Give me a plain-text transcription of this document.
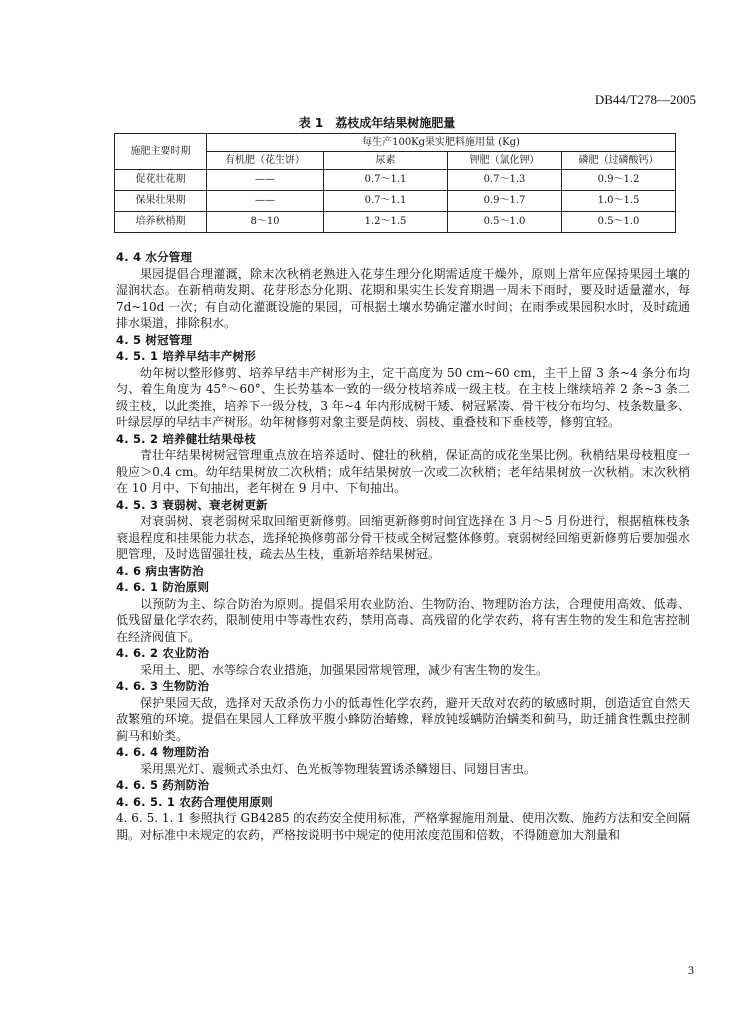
DB44/T278—2005
表 1 荔枝成年结果树施肥量
施肥主要时期	每生产100Kg果实肥料施用量 (Kg)			
	有机肥（花生饼）	尿素	钾肥（氯化钾）	磷肥（过磷酸钙）
促花壮花期	——	0.7～1.1	0.7～1.3	0.9～1.2
保果壮果期	——	0.7～1.1	0.9～1.7	1.0～1.5
培养秋梢期	8～10	1.2～1.5	0.5～1.0	0.5～1.0

4. 4 水分管理

果园提倡合理灌溉，除末次秋梢老熟进入花芽生理分化期需适度干燥外，原则上常年应保持果园土壤的湿润状态。在新梢萌发期、花芽形态分化期、花期和果实生长发育期遇一周未下雨时，要及时适量灌水，每 7d~10d 一次；有自动化灌溉设施的果园，可根据土壤水势确定灌水时间；在雨季或果园积水时，及时疏通排水渠道，排除积水。

4. 5 树冠管理

4. 5. 1 培养早结丰产树形

幼年树以整形修剪、培养早结丰产树形为主，定干高度为 50 cm~60 cm，主干上留 3 条~4 条分布均匀、着生角度为 45°～60°、生长势基本一致的一级分枝培养成一级主枝。在主枝上继续培养 2 条~3 条二级主枝，以此类推，培养下一级分枝，3 年~4 年内形成树干矮、树冠紧凑、骨干枝分布均匀、枝条数量多、叶绿层厚的早结丰产树形。幼年树修剪对象主要是荫枝、弱枝、重叠枝和下垂枝等，修剪宜轻。

4. 5. 2 培养健壮结果母枝

青壮年结果树树冠管理重点放在培养适时、健壮的秋梢，保证高的成花坐果比例。秋梢结果母枝粗度一般应＞0.4 cm。幼年结果树放二次秋梢；成年结果树放一次或二次秋梢；老年结果树放一次秋梢。末次秋梢在 10 月中、下旬抽出，老年树在 9 月中、下旬抽出。

4. 5. 3 衰弱树、衰老树更新

对衰弱树、衰老弱树采取回缩更新修剪。回缩更新修剪时间宜选择在 3 月～5 月份进行，根据植株枝条衰退程度和挂果能力状态，选择轮换修剪部分骨干枝或全树冠整体修剪。衰弱树经回缩更新修剪后要加强水肥管理，及时选留强壮枝，疏去丛生枝，重新培养结果树冠。

4. 6 病虫害防治

4. 6. 1 防治原则

以预防为主、综合防治为原则。提倡采用农业防治、生物防治、物理防治方法，合理使用高效、低毒、低残留量化学农药，限制使用中等毒性农药，禁用高毒、高残留的化学农药，将有害生物的发生和危害控制在经济阀值下。

4. 6. 2 农业防治

采用土、肥、水等综合农业措施，加强果园常规管理，减少有害生物的发生。

4. 6. 3 生物防治

保护果园天敌，选择对天敌杀伤力小的低毒性化学农药，避开天敌对农药的敏感时期，创造适宜自然天敌繁殖的环境。提倡在果园人工释放平腹小蜂防治蝽蟓，释放钝绥螨防治螨类和蓟马，助迁捕食性瓢虫控制蓟马和蚧类。

4. 6. 4 物理防治

采用黑光灯、震频式杀虫灯、色光板等物理装置诱杀鳞翅目、同翅目害虫。

4. 6. 5 药剂防治

4. 6. 5. 1 农药合理使用原则

4. 6. 5. 1. 1 参照执行 GB4285 的农药安全使用标准，严格掌握施用剂量、使用次数、施药方法和安全间隔期。对标准中未规定的农药，严格按说明书中规定的使用浓度范围和倍数，不得随意加大剂量和

3
